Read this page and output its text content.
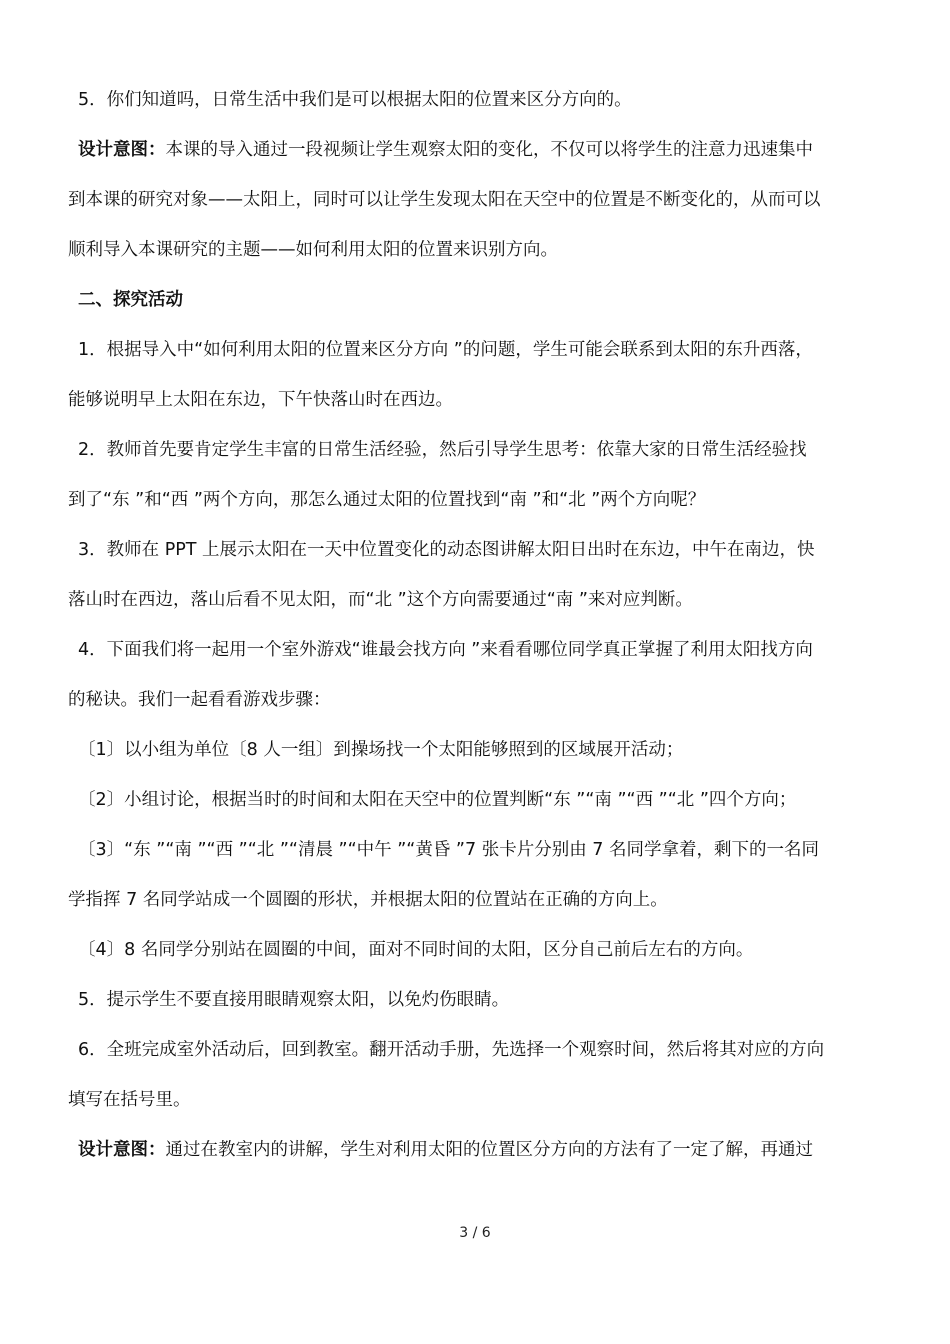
5．你们知道吗，日常生活中我们是可以根据太阳的位置来区分方向的。
设计意图：本课的导入通过一段视频让学生观察太阳的变化，不仅可以将学生的注意力迅速集中
到本课的研究对象——太阳上，同时可以让学生发现太阳在天空中的位置是不断变化的，从而可以
顺利导入本课研究的主题——如何利用太阳的位置来识别方向。
二、探究活动
1．根据导入中“如何利用太阳的位置来区分方向 ”的问题，学生可能会联系到太阳的东升西落，
能够说明早上太阳在东边，下午快落山时在西边。
2．教师首先要肯定学生丰富的日常生活经验，然后引导学生思考：依靠大家的日常生活经验找
到了“东 ”和“西 ”两个方向，那怎么通过太阳的位置找到“南 ”和“北 ”两个方向呢？
3．教师在 PPT 上展示太阳在一天中位置变化的动态图讲解太阳日出时在东边，中午在南边，快
落山时在西边，落山后看不见太阳，而“北 ”这个方向需要通过“南 ”来对应判断。
4．下面我们将一起用一个室外游戏“谁最会找方向 ”来看看哪位同学真正掌握了利用太阳找方向
的秘诀。我们一起看看游戏步骤：
〔1〕以小组为单位〔8 人一组〕到操场找一个太阳能够照到的区域展开活动；
〔2〕小组讨论，根据当时的时间和太阳在天空中的位置判断“东 ”“南 ”“西 ”“北 ”四个方向；
〔3〕“东 ”“南 ”“西 ”“北 ”“清晨 ”“中午 ”“黄昏 ”7 张卡片分别由 7 名同学拿着，剩下的一名同
学指挥 7 名同学站成一个圆圈的形状，并根据太阳的位置站在正确的方向上。
〔4〕8 名同学分别站在圆圈的中间，面对不同时间的太阳，区分自己前后左右的方向。
5．提示学生不要直接用眼睛观察太阳，以免灼伤眼睛。
6．全班完成室外活动后，回到教室。翻开活动手册，先选择一个观察时间，然后将其对应的方向
填写在括号里。
设计意图：通过在教室内的讲解，学生对利用太阳的位置区分方向的方法有了一定了解，再通过
3 / 6
